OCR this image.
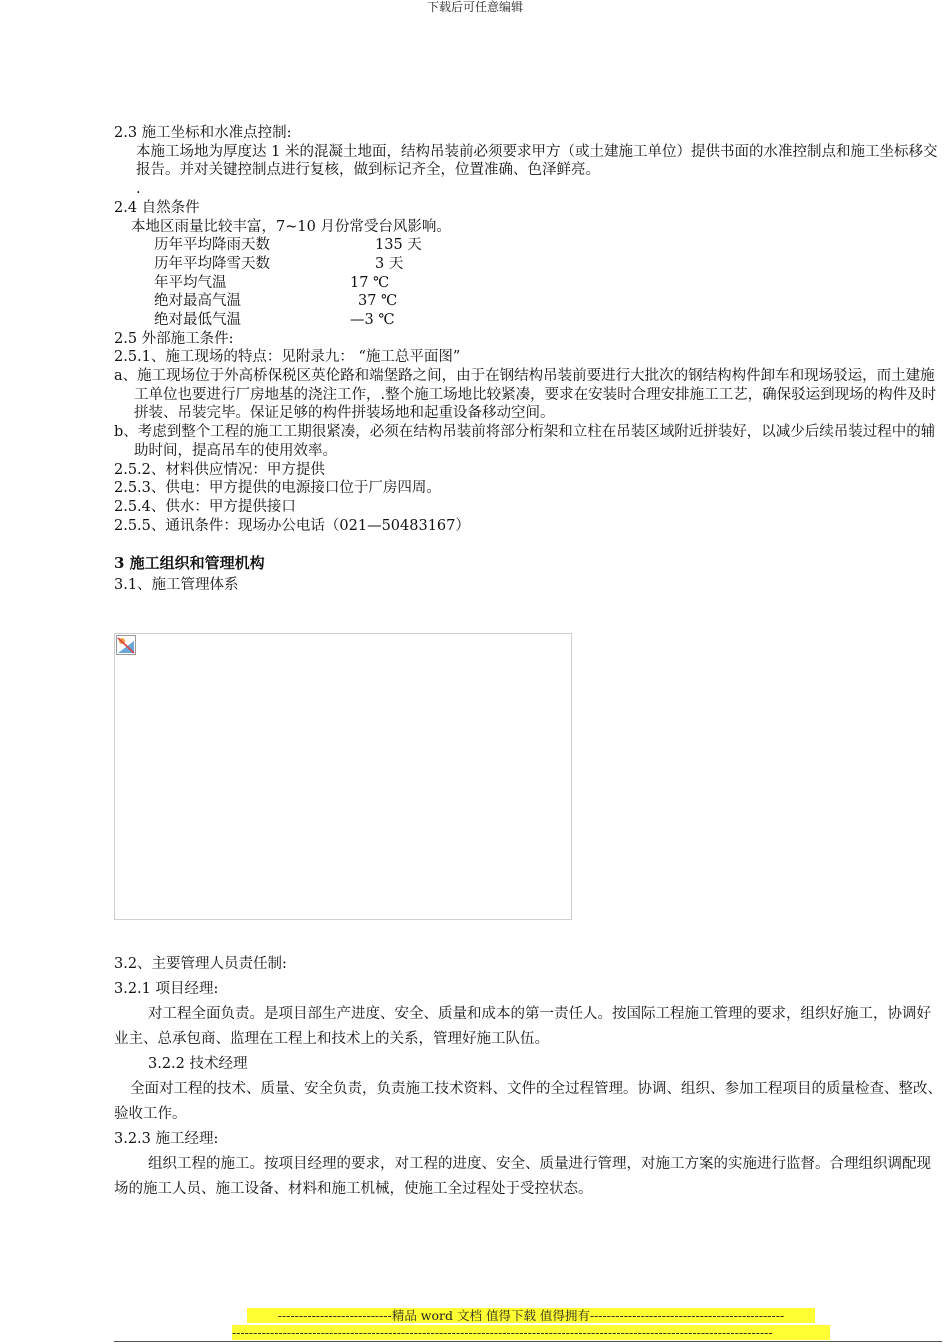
下载后可任意编辑

2.3 施工坐标和水准点控制:

本施工场地为厚度达 1 米的混凝土地面，结构吊装前必须要求甲方（或土建施工单位）提供书面的水准控制点和施工坐标移交报告。并对关键控制点进行复核，做到标记齐全，位置准确、色泽鲜亮。

.

2.4 自然条件

本地区雨量比较丰富，7~10 月份常受台风影响。

历年平均降雨天数	135 天
历年平均降雪天数	3 天
年平均气温	17 ℃
绝对最高气温	37 ℃
绝对最低气温	—3 ℃

2.5 外部施工条件:

2.5.1、施工现场的特点：见附录九： “施工总平面图”

a、施工现场位于外高桥保税区英伦路和端堡路之间，由于在钢结构吊装前要进行大批次的钢结构构件卸车和现场驳运，而土建施工单位也要进行厂房地基的浇注工作，.整个施工场地比较紧凑，要求在安装时合理安排施工工艺，确保驳运到现场的构件及时拼装、吊装完毕。保证足够的构件拼装场地和起重设备移动空间。

b、考虑到整个工程的施工工期很紧凑，必须在结构吊装前将部分桁架和立柱在吊装区域附近拼装好，以减少后续吊装过程中的辅助时间，提高吊车的使用效率。

2.5.2、材料供应情况：甲方提供

2.5.3、供电：甲方提供的电源接口位于厂房四周。

2.5.4、供水：甲方提供接口

2.5.5、通讯条件：现场办公电话（021—50483167）

3 施工组织和管理机构

3.1、施工管理体系

3.2、主要管理人员责任制:

3.2.1 项目经理:

对工程全面负责。是项目部生产进度、安全、质量和成本的第一责任人。按国际工程施工管理的要求，组织好施工，协调好业主、总承包商、监理在工程上和技术上的关系，管理好施工队伍。

3.2.2 技术经理

全面对工程的技术、质量、安全负责，负责施工技术资料、文件的全过程管理。协调、组织、参加工程项目的质量检查、整改、验收工作。

3.2.3 施工经理:

组织工程的施工。按项目经理的要求，对工程的进度、安全、质量进行管理，对施工方案的实施进行监督。合理组织调配现场的施工人员、施工设备、材料和施工机械，使施工全过程处于受控状态。

---------------------------精品 word 文档 值得下载 值得拥有----------------------------------------------
--------------------------------------------------------------------------------------------------------------------------------
